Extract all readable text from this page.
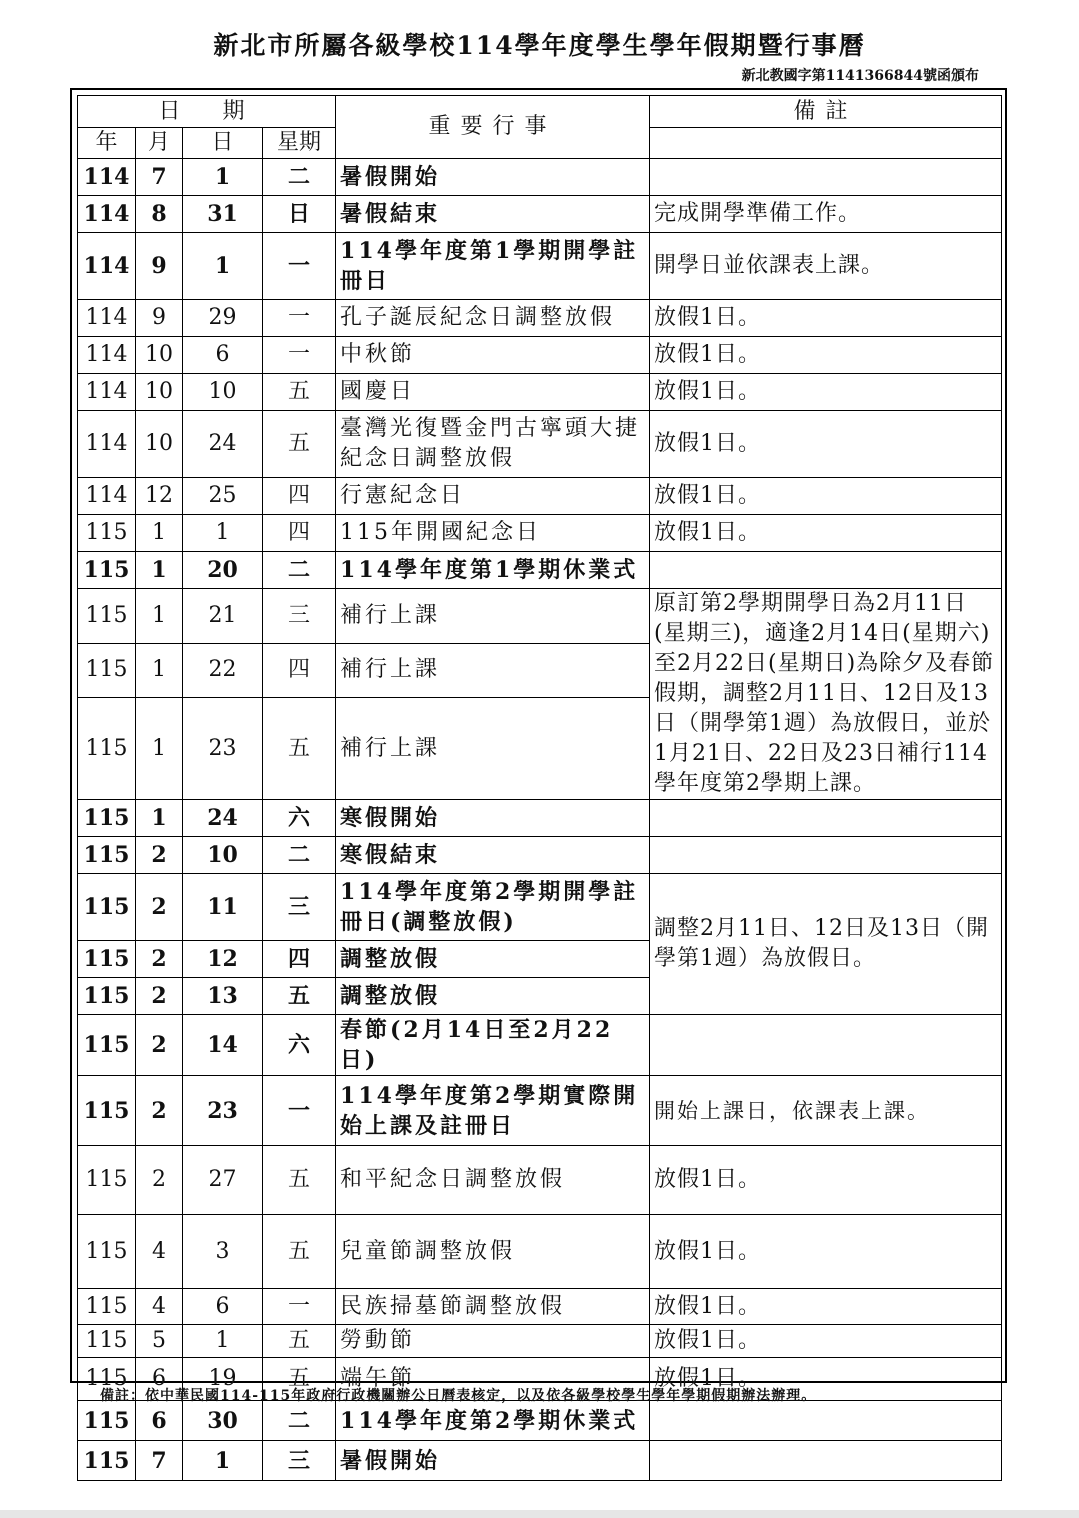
新北市所屬各級學校114學年度學生學年假期暨行事曆
新北教國字第1141366844號函頒布
日　期				重要行事	備註
年	月	日	星期		
114	7	1	二	暑假開始	
114	8	31	日	暑假結束	完成開學準備工作。
114	9	1	一	114學年度第1學期開學註冊日	開學日並依課表上課。
114	9	29	一	孔子誕辰紀念日調整放假	放假1日。
114	10	6	一	中秋節	放假1日。
114	10	10	五	國慶日	放假1日。
114	10	24	五	臺灣光復暨金門古寧頭大捷紀念日調整放假	放假1日。
114	12	25	四	行憲紀念日	放假1日。
115	1	1	四	115年開國紀念日	放假1日。
115	1	20	二	114學年度第1學期休業式	
115	1	21	三	補行上課	原訂第2學期開學日為2月11日(星期三)，適逢2月14日(星期六)至2月22日(星期日)為除夕及春節假期，調整2月11日、12日及13日（開學第1週）為放假日，並於1月21日、22日及23日補行114學年度第2學期上課。
115	1	22	四	補行上課	
115	1	23	五	補行上課	
115	1	24	六	寒假開始	
115	2	10	二	寒假結束	
115	2	11	三	114學年度第2學期開學註冊日(調整放假)	調整2月11日、12日及13日（開學第1週）為放假日。
115	2	12	四	調整放假	
115	2	13	五	調整放假	
115	2	14	六	春節(2月14日至2月22日)	
115	2	23	一	114學年度第2學期實際開始上課及註冊日	開始上課日，依課表上課。
115	2	27	五	和平紀念日調整放假	放假1日。
115	4	3	五	兒童節調整放假	放假1日。
115	4	6	一	民族掃墓節調整放假	放假1日。
115	5	1	五	勞動節	放假1日。
115	6	19	五	端午節	放假1日。
115	6	30	二	114學年度第2學期休業式	
115	7	1	三	暑假開始	
備註：依中華民國114-115年政府行政機關辦公日曆表核定，以及依各級學校學生學年學期假期辦法辦理。
